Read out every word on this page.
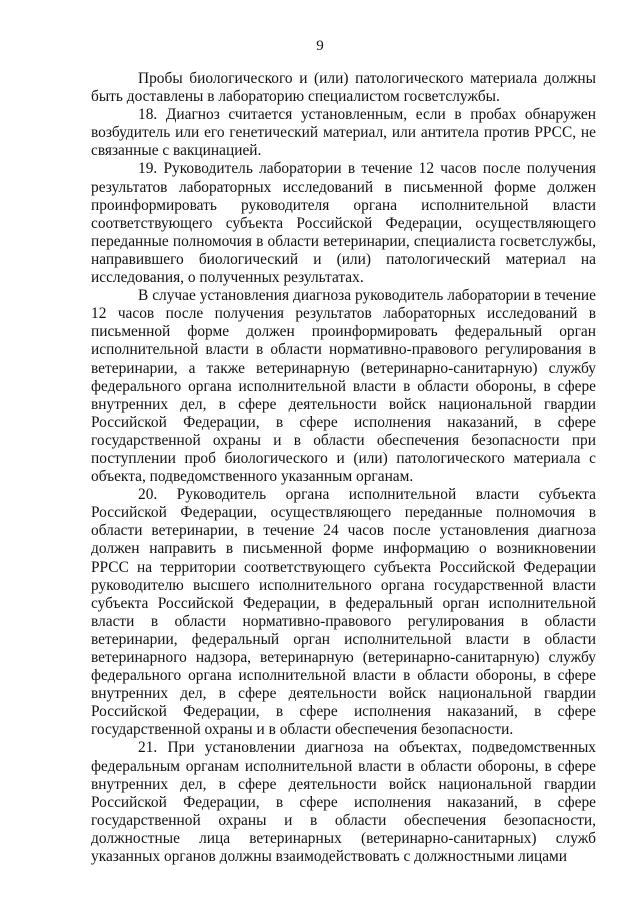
9

Пробы биологического и (или) патологического материала должны быть доставлены в лабораторию специалистом госветслужбы.

18. Диагноз считается установленным, если в пробах обнаружен возбудитель или его генетический материал, или антитела против РРСС, не связанные с вакцинацией.

19. Руководитель лаборатории в течение 12 часов после получения результатов лабораторных исследований в письменной форме должен проинформировать руководителя органа исполнительной власти соответствующего субъекта Российской Федерации, осуществляющего переданные полномочия в области ветеринарии, специалиста госветслужбы, направившего биологический и (или) патологический материал на исследования, о полученных результатах.

В случае установления диагноза руководитель лаборатории в течение 12 часов после получения результатов лабораторных исследований в письменной форме должен проинформировать федеральный орган исполнительной власти в области нормативно-правового регулирования в ветеринарии, а также ветеринарную (ветеринарно-санитарную) службу федерального органа исполнительной власти в области обороны, в сфере внутренних дел, в сфере деятельности войск национальной гвардии Российской Федерации, в сфере исполнения наказаний, в сфере государственной охраны и в области обеспечения безопасности при поступлении проб биологического и (или) патологического материала с объекта, подведомственного указанным органам.

20. Руководитель органа исполнительной власти субъекта Российской Федерации, осуществляющего переданные полномочия в области ветеринарии, в течение 24 часов после установления диагноза должен направить в письменной форме информацию о возникновении РРСС на территории соответствующего субъекта Российской Федерации руководителю высшего исполнительного органа государственной власти субъекта Российской Федерации, в федеральный орган исполнительной власти в области нормативно-правового регулирования в области ветеринарии, федеральный орган исполнительной власти в области ветеринарного надзора, ветеринарную (ветеринарно-санитарную) службу федерального органа исполнительной власти в области обороны, в сфере внутренних дел, в сфере деятельности войск национальной гвардии Российской Федерации, в сфере исполнения наказаний, в сфере государственной охраны и в области обеспечения безопасности.

21. При установлении диагноза на объектах, подведомственных федеральным органам исполнительной власти в области обороны, в сфере внутренних дел, в сфере деятельности войск национальной гвардии Российской Федерации, в сфере исполнения наказаний, в сфере государственной охраны и в области обеспечения безопасности, должностные лица ветеринарных (ветеринарно-санитарных) служб указанных органов должны взаимодействовать с должностными лицами
